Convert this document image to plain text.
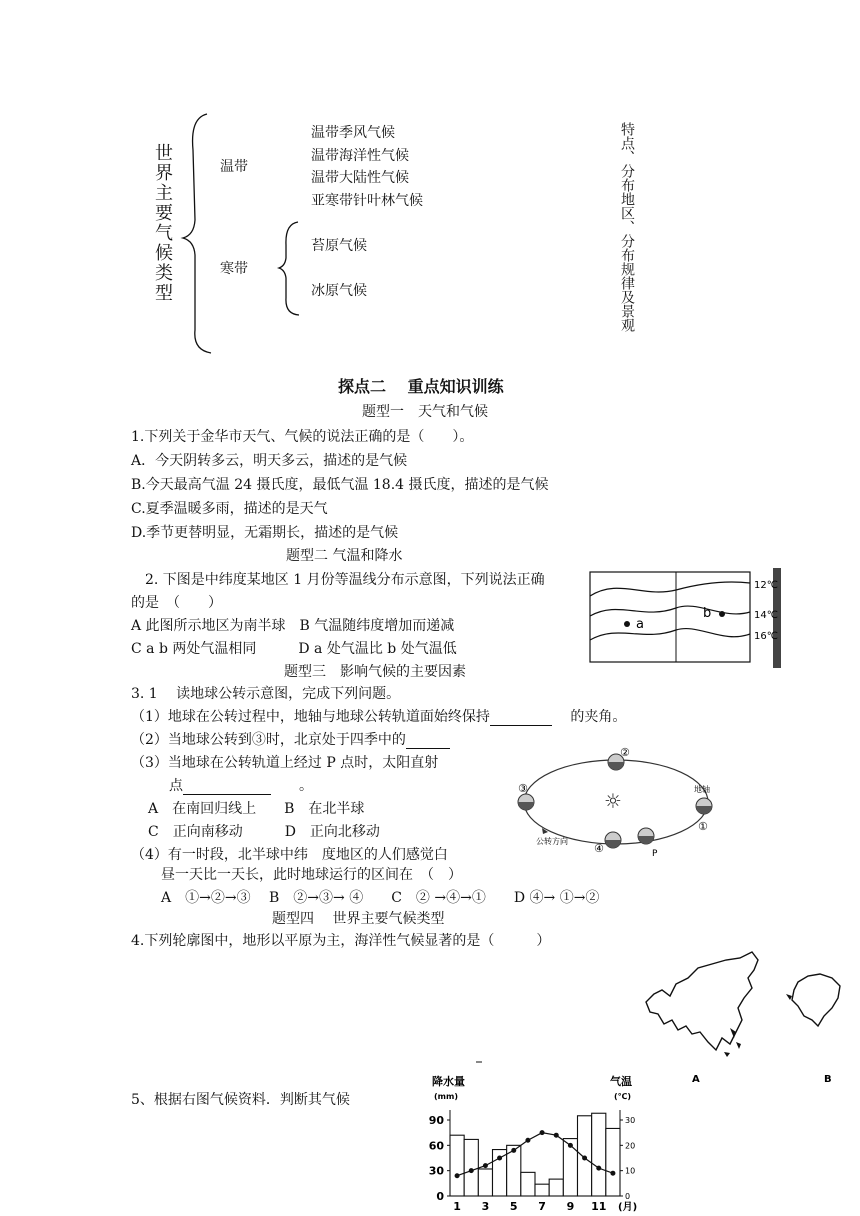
世界主要气候类型	温带
寒带
温带季风气候
温带海洋性气候
温带大陆性气候
亚寒带针叶林气候
苔原气候
冰原气候	特点、分布地区、分布规律及景观
探点二　 重点知识训练
题型一　天气和气候
1.下列关于金华市天气、气候的说法正确的是（　　）。
A．今天阴转多云，明天多云，描述的是气候
B.今天最高气温 24 摄氏度，最低气温 18.4 摄氏度，描述的是气候
C.夏季温暖多雨，描述的是天气
D.季节更替明显，无霜期长，描述的是气候
题型二 气温和降水
2. 下图是中纬度某地区 1 月份等温线分布示意图，下列说法正确
的是　（　　）
A 此图所示地区为南半球　B 气温随纬度增加而递减
C a b 两处气温相同　　　D a 处气温比 b 处气温低
a
b
12℃
14℃
16℃
题型三　影响气候的主要因素
3. 1　 读地球公转示意图，完成下列问题。
（1）地球在公转过程中，地轴与地球公转轨道面始终保持　	的夹角。
（2）当地球公转到③时，北京处于四季中的
（3）当地球在公转轨道上经过 P 点时，太阳直射
点　　	。
A　在南回归线上　　B　在北半球
C　正向南移动　　　D　正向北移动
（4）有一时段，北半球中纬　度地区的人们感觉白
昼一天比一天长，此时地球运行的区间在　（　）
A　①→②→③　 B　②→③→ ④　　C　② →④→①　　D ④→ ①→②
☼
②
①
地轴
③
④	P
公转方向
题型四　 世界主要气候类型
4.下列轮廓图中，地形以平原为主，海洋性气候显著的是（　　　）
A	B
5、根据右图气候资料．判断其气候
降水量
(mm)
气温
(℃)
0
30
60
90
0
10
20
30
1 3 5 7 9 11 (月)
